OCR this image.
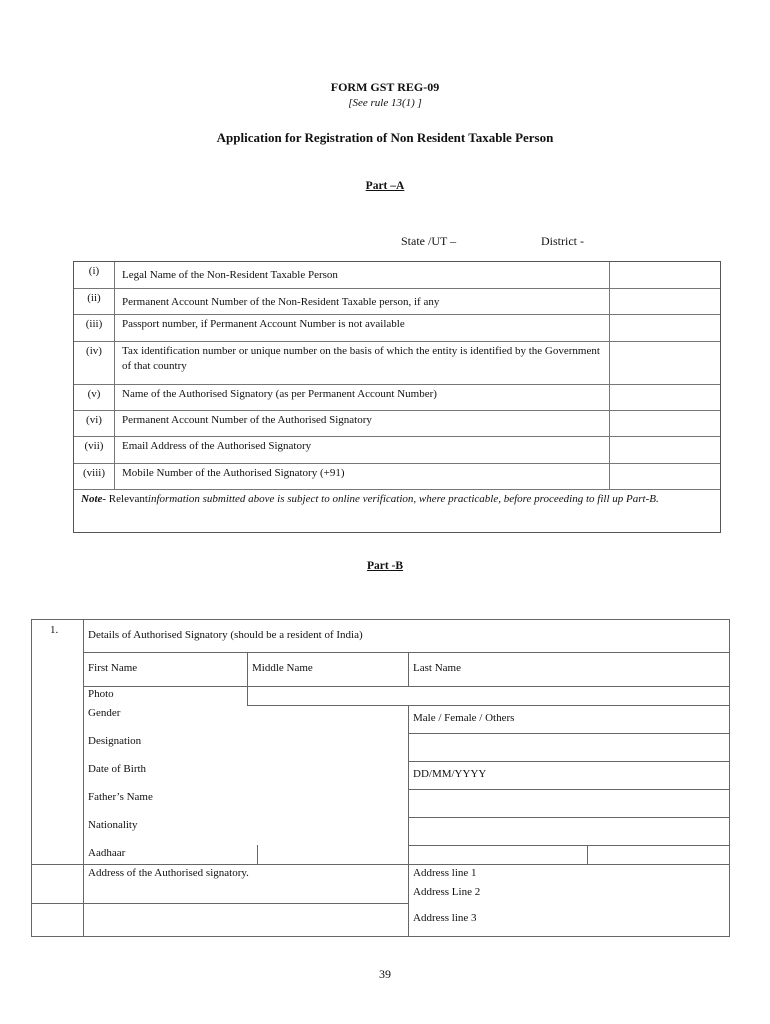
FORM GST REG-09
[See rule 13(1) ]
Application for Registration of Non Resident Taxable Person
Part –A
State /UT –	District -
(i)	Legal Name of the Non-Resident Taxable Person
(ii)	Permanent Account Number of the Non-Resident Taxable person, if any
(iii)	Passport number, if Permanent Account Number is not available
(iv)	Tax identification number or unique number on the basis of which the entity is identified by the Government of that country
(v)	Name of the Authorised Signatory (as per Permanent Account Number)
(vi)	Permanent Account Number of the Authorised Signatory
(vii)	Email Address of the Authorised Signatory
(viii)	Mobile Number of the Authorised Signatory (+91)
Note- Relevantinformation submitted above is subject to online verification, where practicable, before proceeding to fill up Part-B.
Part -B
1.	Details of Authorised Signatory (should be a resident of India)
First Name	Middle Name	Last Name
Photo
Gender	Male / Female / Others
Designation
Date of Birth	DD/MM/YYYY
Father’s Name
Nationality
Aadhaar
Address of the Authorised signatory.	Address line 1
Address Line 2
Address line 3
39
